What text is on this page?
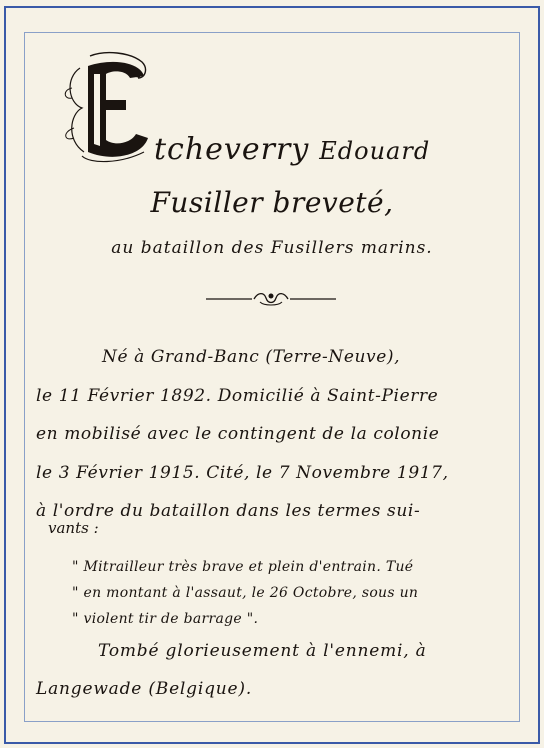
tcheverry Edouard
Fusiller breveté,
au bataillon des Fusillers marins.
Né à Grand-Banc (Terre-Neuve),
le 11 Février 1892. Domicilié à Saint-Pierre
en mobilisé avec le contingent de la colonie
le 3 Février 1915. Cité, le 7 Novembre 1917,
à l'ordre du bataillon dans les termes sui-
vants :
" Mitrailleur très brave et plein d'entrain. Tué
" en montant à l'assaut, le 26 Octobre, sous un
" violent tir de barrage ".
Tombé glorieusement à l'ennemi, à
Langewade (Belgique).
